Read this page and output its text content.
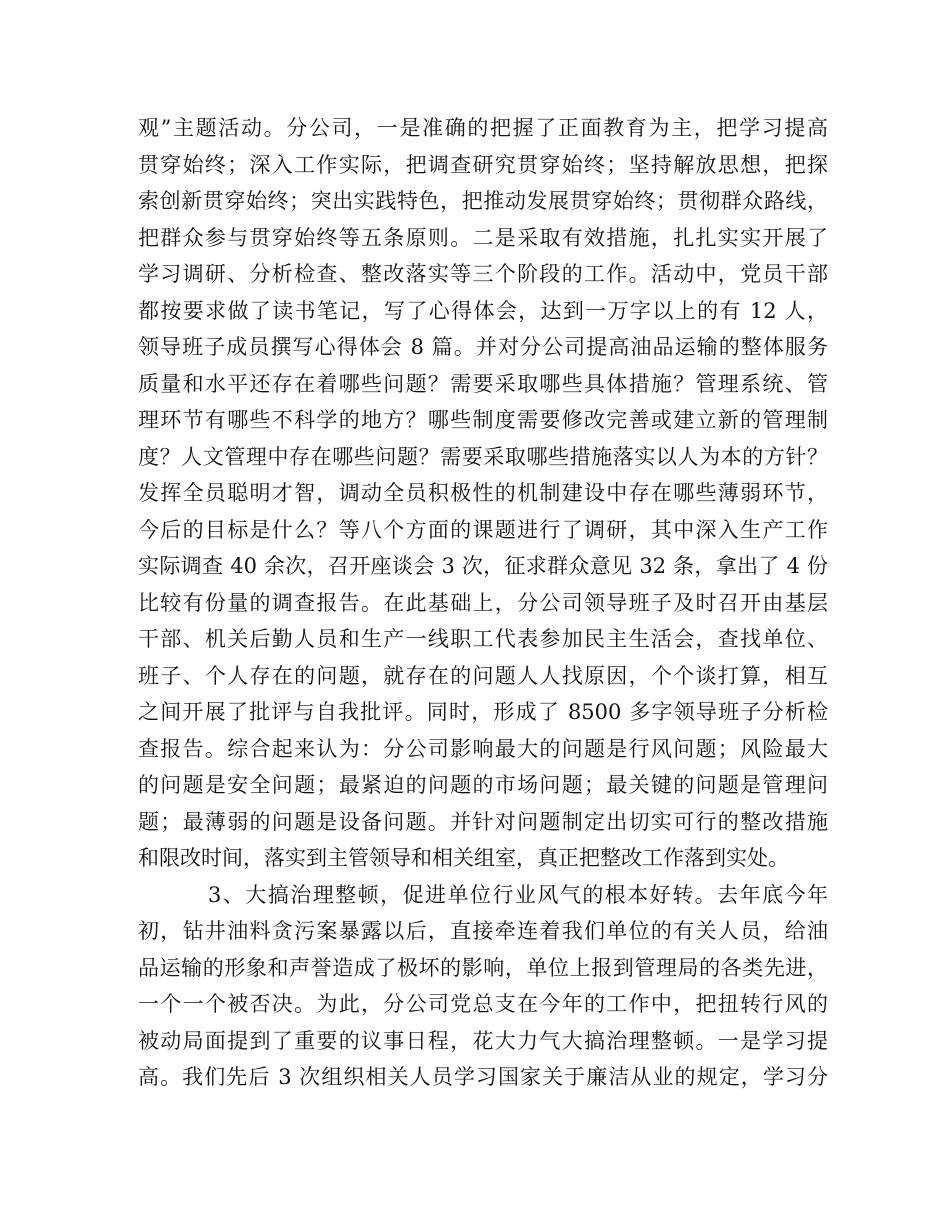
观”主题活动。分公司，一是准确的把握了正面教育为主，把学习提高
贯穿始终；深入工作实际，把调查研究贯穿始终；坚持解放思想，把探
索创新贯穿始终；突出实践特色，把推动发展贯穿始终；贯彻群众路线，
把群众参与贯穿始终等五条原则。二是采取有效措施，扎扎实实开展了
学习调研、分析检查、整改落实等三个阶段的工作。活动中，党员干部
都按要求做了读书笔记，写了心得体会，达到一万字以上的有 12 人，
领导班子成员撰写心得体会 8 篇。并对分公司提高油品运输的整体服务
质量和水平还存在着哪些问题？需要采取哪些具体措施？管理系统、管
理环节有哪些不科学的地方？哪些制度需要修改完善或建立新的管理制
度？人文管理中存在哪些问题？需要采取哪些措施落实以人为本的方针？
发挥全员聪明才智，调动全员积极性的机制建设中存在哪些薄弱环节，
今后的目标是什么？等八个方面的课题进行了调研，其中深入生产工作
实际调查 40 余次，召开座谈会 3 次，征求群众意见 32 条，拿出了 4 份
比较有份量的调查报告。在此基础上，分公司领导班子及时召开由基层
干部、机关后勤人员和生产一线职工代表参加民主生活会，查找单位、
班子、个人存在的问题，就存在的问题人人找原因，个个谈打算，相互
之间开展了批评与自我批评。同时，形成了 8500 多字领导班子分析检
查报告。综合起来认为：分公司影响最大的问题是行风问题；风险最大
的问题是安全问题；最紧迫的问题的市场问题；最关键的问题是管理问
题；最薄弱的问题是设备问题。并针对问题制定出切实可行的整改措施
和限改时间，落实到主管领导和相关组室，真正把整改工作落到实处。
3、大搞治理整顿，促进单位行业风气的根本好转。去年底今年
初，钻井油料贪污案暴露以后，直接牵连着我们单位的有关人员，给油
品运输的形象和声誉造成了极坏的影响，单位上报到管理局的各类先进，
一个一个被否决。为此，分公司党总支在今年的工作中，把扭转行风的
被动局面提到了重要的议事日程，花大力气大搞治理整顿。一是学习提
高。我们先后 3 次组织相关人员学习国家关于廉洁从业的规定，学习分
